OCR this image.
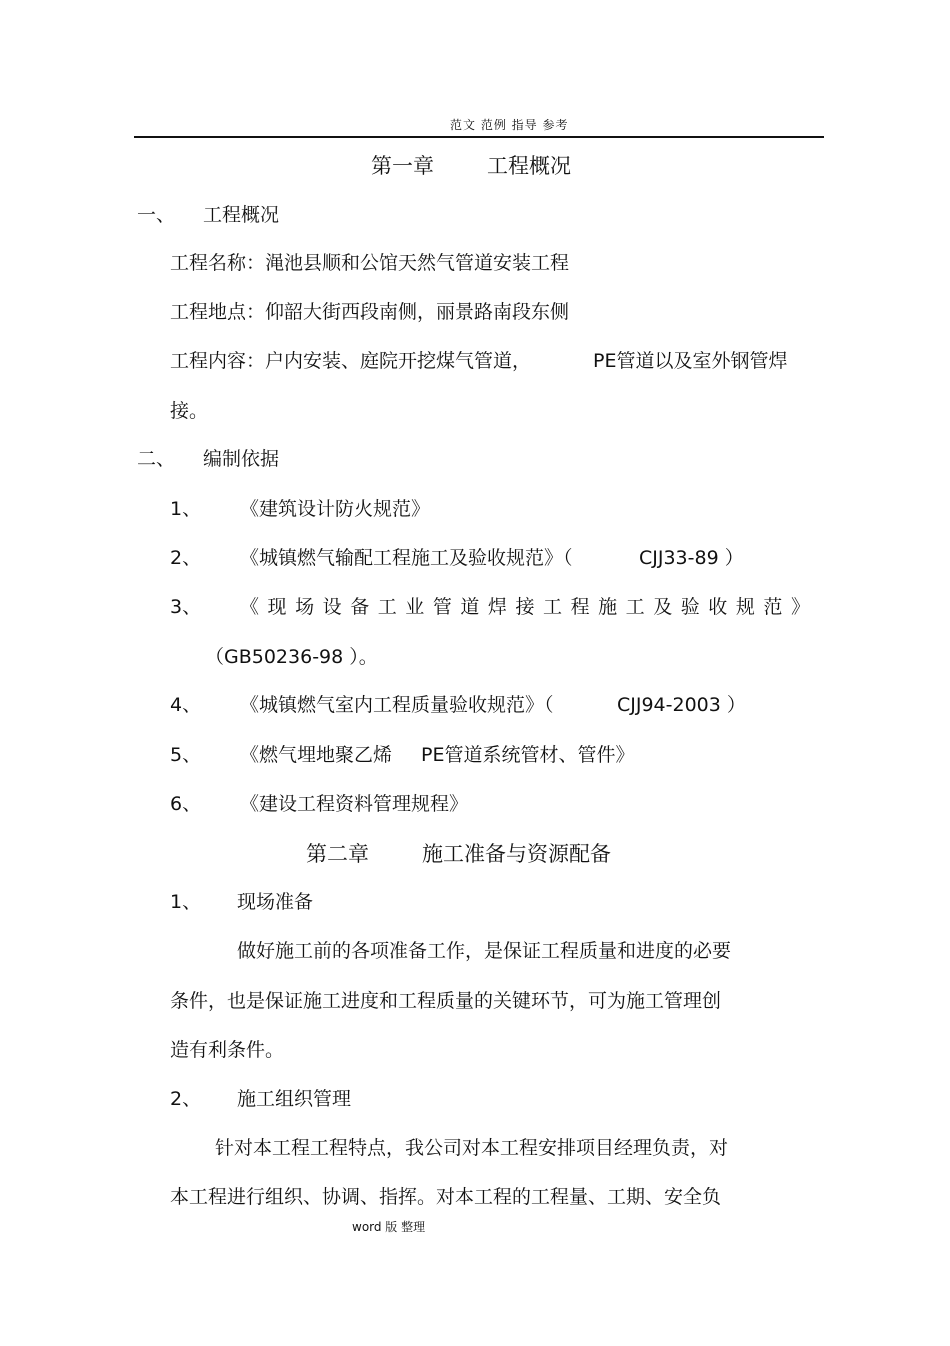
范文 范例 指导 参考
第一章	工程概况
一、 工程概况
工程名称：渑池县顺和公馆天然气管道安装工程
工程地点：仰韶大街西段南侧，丽景路南段东侧
工程内容：户内安装、庭院开挖煤气管道，	PE管道以及室外钢管焊
接。
二、 编制依据
1、 《建筑设计防火规范》
2、 《城镇燃气输配工程施工及验收规范》（	CJJ33-89 ）
3、 《 现 场 设 备 工 业 管 道 焊 接 工 程 施 工 及 验 收 规 范 》
（GB50236-98 ）。
4、 《城镇燃气室内工程质量验收规范》（	CJJ94-2003 ）
5、 《燃气埋地聚乙烯 PE管道系统管材、管件》
6、 《建设工程资料管理规程》
第二章	施工准备与资源配备
1、 现场准备
做好施工前的各项准备工作，是保证工程质量和进度的必要
条件，也是保证施工进度和工程质量的关键环节，可为施工管理创
造有利条件。
2、 施工组织管理
针对本工程工程特点，我公司对本工程安排项目经理负责，对
本工程进行组织、协调、指挥。对本工程的工程量、工期、安全负
word 版 整理
